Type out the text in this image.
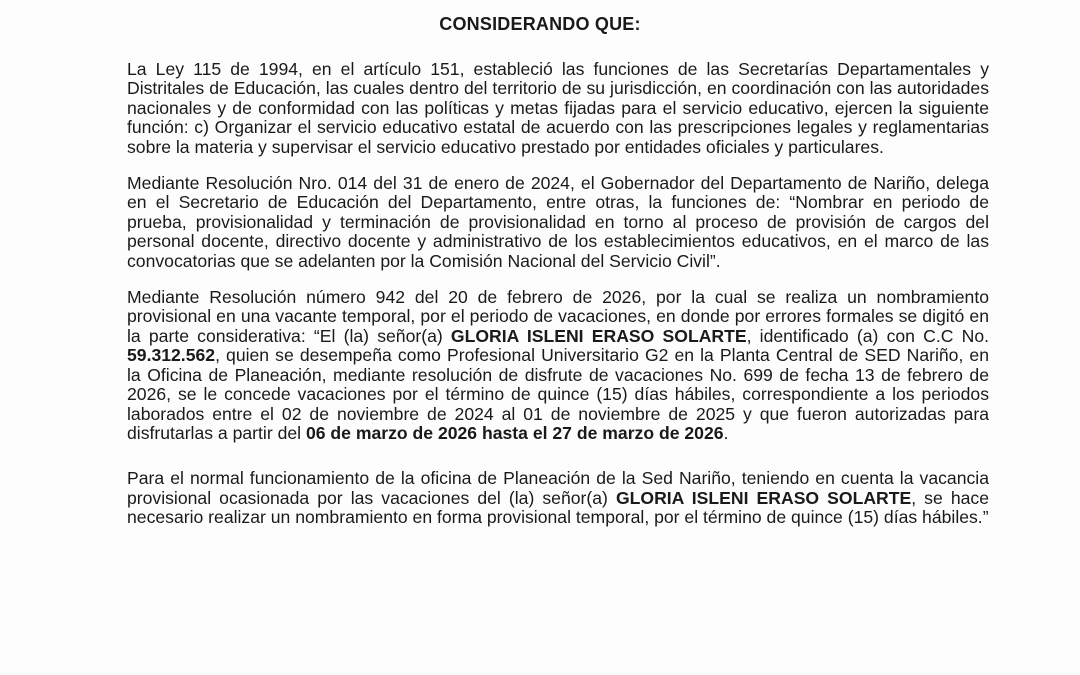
CONSIDERANDO QUE:

La Ley 115 de 1994, en el artículo 151, estableció las funciones de las Secretarías Departamentales y Distritales de Educación, las cuales dentro del territorio de su jurisdicción, en coordinación con las autoridades nacionales y de conformidad con las políticas y metas fijadas para el servicio educativo, ejercen la siguiente función: c) Organizar el servicio educativo estatal de acuerdo con las prescripciones legales y reglamentarias sobre la materia y supervisar el servicio educativo prestado por entidades oficiales y particulares.

Mediante Resolución Nro. 014 del 31 de enero de 2024, el Gobernador del Departamento de Nariño, delega en el Secretario de Educación del Departamento, entre otras, la funciones de: “Nombrar en periodo de prueba, provisionalidad y terminación de provisionalidad en torno al proceso de provisión de cargos del personal docente, directivo docente y administrativo de los establecimientos educativos, en el marco de las convocatorias que se adelanten por la Comisión Nacional del Servicio Civil”.

Mediante Resolución número 942 del 20 de febrero de 2026, por la cual se realiza un nombramiento provisional en una vacante temporal, por el periodo de vacaciones, en donde por errores formales se digitó en la parte considerativa: “El (la) señor(a) GLORIA ISLENI ERASO SOLARTE, identificado (a) con C.C No. 59.312.562, quien se desempeña como Profesional Universitario G2 en la Planta Central de SED Nariño, en la Oficina de Planeación, mediante resolución de disfrute de vacaciones No. 699 de fecha 13 de febrero de 2026, se le concede vacaciones por el término de quince (15) días hábiles, correspondiente a los periodos laborados entre el 02 de noviembre de 2024 al 01 de noviembre de 2025 y que fueron autorizadas para disfrutarlas a partir del 06 de marzo de 2026 hasta el 27 de marzo de 2026.

Para el normal funcionamiento de la oficina de Planeación de la Sed Nariño, teniendo en cuenta la vacancia provisional ocasionada por las vacaciones del (la) señor(a) GLORIA ISLENI ERASO SOLARTE, se hace necesario realizar un nombramiento en forma provisional temporal, por el término de quince (15) días hábiles.”
